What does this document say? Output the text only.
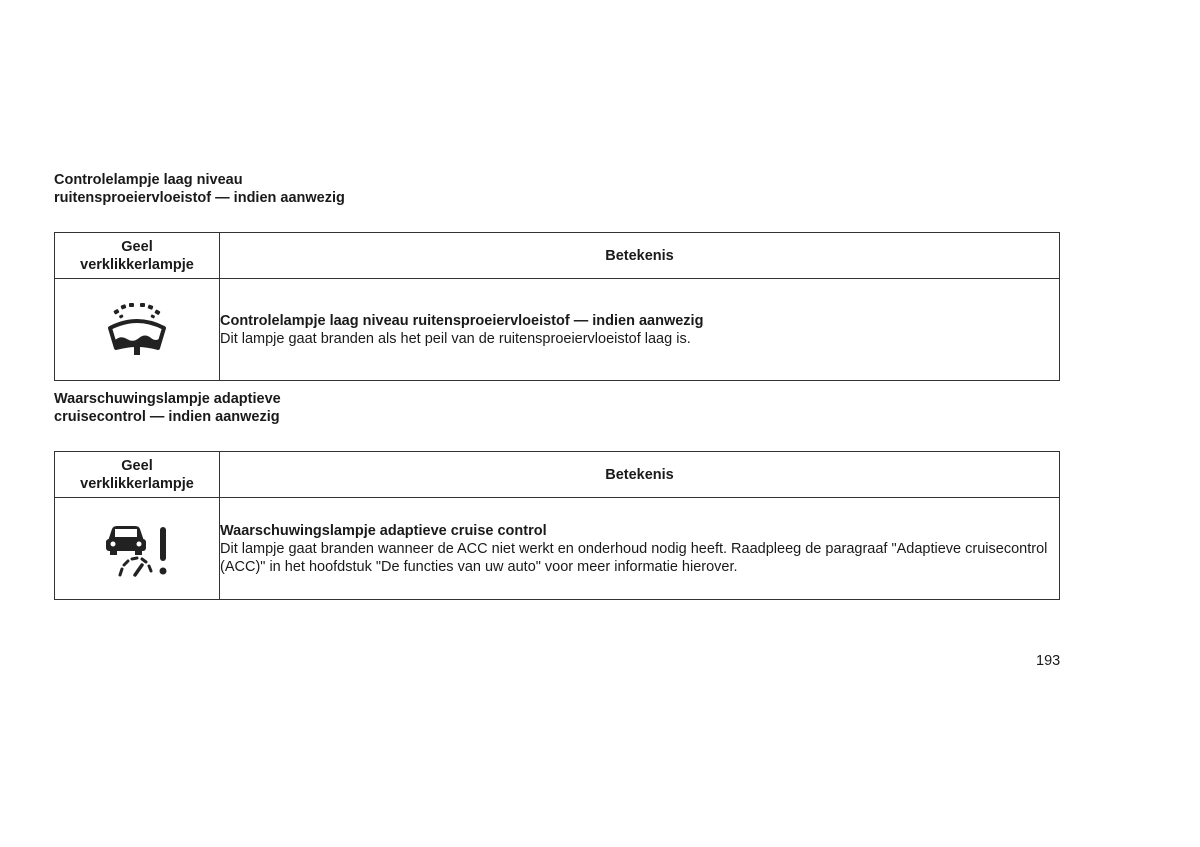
Controlelampje laag niveau
ruitensproeiervloeistof — indien aanwezig
Geel
verklikkerlampje	Betekenis

Controlelampje laag niveau ruitensproeiervloeistof — indien aanwezig
Dit lampje gaat branden als het peil van de ruitensproeiervloeistof laag is.
Waarschuwingslampje adaptieve
cruisecontrol — indien aanwezig
Geel
verklikkerlampje	Betekenis

Waarschuwingslampje adaptieve cruise control
Dit lampje gaat branden wanneer de ACC niet werkt en onderhoud nodig heeft. Raadpleeg de paragraaf "Adaptieve cruisecontrol (ACC)" in het hoofdstuk "De functies van uw auto" voor meer informatie hierover.
193
